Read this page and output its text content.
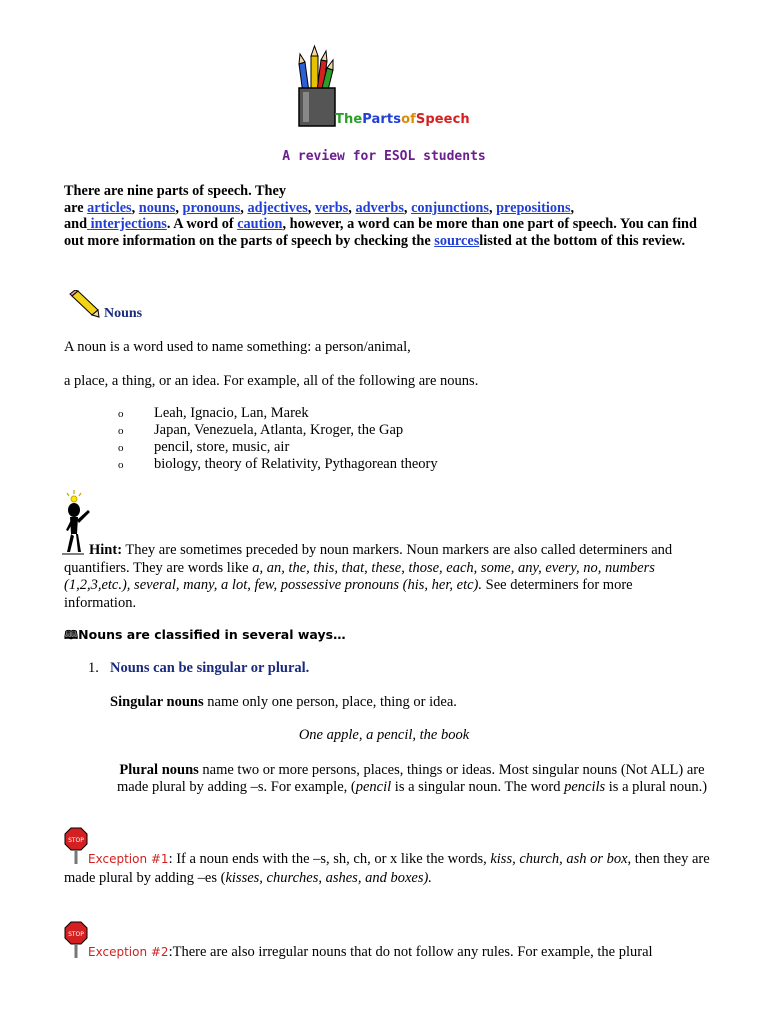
ThePartsofSpeech
A review for ESOL students
There are nine parts of speech. They
are articles, nouns, pronouns, adjectives, verbs, adverbs, conjunctions, prepositions,
and interjections. A word of caution, however, a word can be more than one part of speech. You can find out more information on the parts of speech by checking the sourceslisted at the bottom of this review.
Nouns
A noun is a word used to name something: a person/animal,
a place, a thing, or an idea. For example, all of the following are nouns.
o Leah, Ignacio, Lan, Marek
o Japan, Venezuela, Atlanta, Kroger, the Gap
o pencil, store, music, air
o biology, theory of Relativity, Pythagorean theory
Hint: They are sometimes preceded by noun markers. Noun markers are also called determiners and quantifiers. They are words like a, an, the, this, that, these, those, each, some, any, every, no, numbers (1,2,3,etc.), several, many, a lot, few, possessive pronouns (his, her, etc). See determiners for more information.
🕮Nouns are classified in several ways…
1. Nouns can be singular or plural.
Singular nouns name only one person, place, thing or idea.
One apple, a pencil, the book
Plural nouns name two or more persons, places, things or ideas. Most singular nouns (Not ALL) are made plural by adding –s. For example, (pencil is a singular noun. The word pencils is a plural noun.)
STOP
Exception #1: If a noun ends with the –s, sh, ch, or x like the words, kiss, church, ash or box, then they are made plural by adding –es (kisses, churches, ashes, and boxes).
STOP
Exception #2:There are also irregular nouns that do not follow any rules. For example, the plural
